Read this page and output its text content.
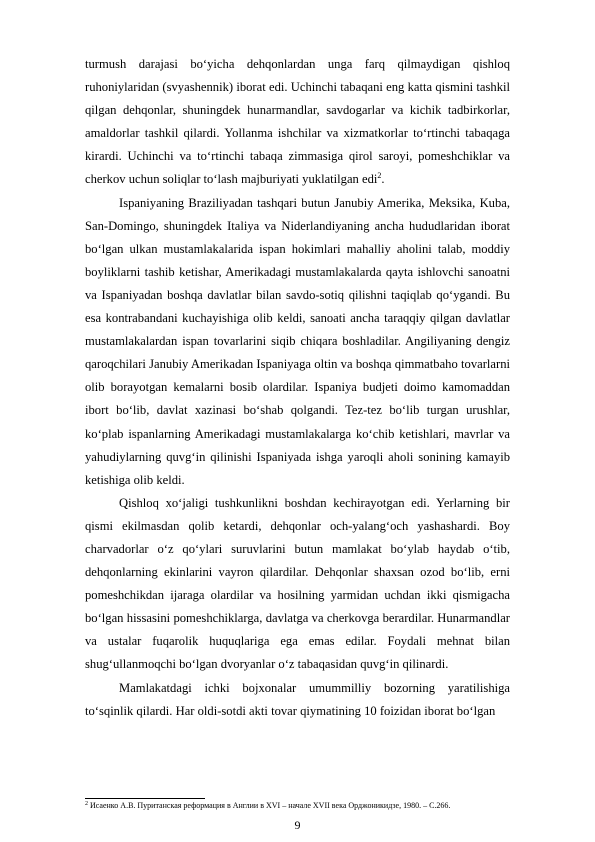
turmush darajasi bo‘yicha dehqonlardan unga farq qilmaydigan qishloq ruhoniylaridan (svyashennik) iborat edi. Uchinchi tabaqani eng katta qismini tashkil qilgan dehqonlar, shuningdek hunarmandlar, savdogarlar va kichik tadbirkorlar, amaldorlar tashkil qilardi. Yollanma ishchilar va xizmatkorlar to‘rtinchi tabaqaga kirardi. Uchinchi va to‘rtinchi tabaqa zimmasiga qirol saroyi, pomeshchiklar va cherkov uchun soliqlar to‘lash majburiyati yuklatilgan edi$^2$.

Ispaniyaning Braziliyadan tashqari butun Janubiy Amerika, Meksika, Kuba, San-Domingo, shuningdek Italiya va Niderlandiyaning ancha hududlaridan iborat bo‘lgan ulkan mustamlakalarida ispan hokimlari mahalliy aholini talab, moddiy boyliklarni tashib ketishar, Amerikadagi mustamlakalarda qayta ishlovchi sanoatni va Ispaniyadan boshqa davlatlar bilan savdo-sotiq qilishni taqiqlab qo‘ygandi. Bu esa kontrabandani kuchayishiga olib keldi, sanoati ancha taraqqiy qilgan davlatlar mustamlakalardan ispan tovarlarini siqib chiqara boshladilar. Angiliyaning dengiz qaroqchilari Janubiy Amerikadan Ispaniyaga oltin va boshqa qimmatbaho tovarlarni olib borayotgan kemalarni bosib olardilar. Ispaniya budjeti doimo kamomaddan ibort bo‘lib, davlat xazinasi bo‘shab qolgandi. Tez-tez bo‘lib turgan urushlar, ko‘plab ispanlarning Amerikadagi mustamlakalarga ko‘chib ketishlari, mavrlar va yahudiylarning quvg‘in qilinishi Ispaniyada ishga yaroqli aholi sonining kamayib ketishiga olib keldi.

Qishloq xo‘jaligi tushkunlikni boshdan kechirayotgan edi. Yerlarning bir qismi ekilmasdan qolib ketardi, dehqonlar och-yalang‘och yashashardi. Boy charvadorlar o‘z qo‘ylari suruvlarini butun mamlakat bo‘ylab haydab o‘tib, dehqonlarning ekinlarini vayron qilardilar. Dehqonlar shaxsan ozod bo‘lib, erni pomeshchikdan ijaraga olardilar va hosilning yarmidan uchdan ikki qismigacha bo‘lgan hissasini pomeshchiklarga, davlatga va cherkovga berardilar. Hunarmandlar va ustalar fuqarolik huquqlariga ega emas edilar. Foydali mehnat bilan shug‘ullanmoqchi bo‘lgan dvoryanlar o‘z tabaqasidan quvg‘in qilinardi.

Mamlakatdagi ichki bojxonalar umummilliy bozorning yaratilishiga to‘sqinlik qilardi. Har oldi-sotdi akti tovar qiymatining 10 foizidan iborat bo‘lgan

$^2$ Исаенко А.В. Пуританская реформация в Англии в XVI – начале XVII века Орджоникидзе, 1980. – С.266.
9
